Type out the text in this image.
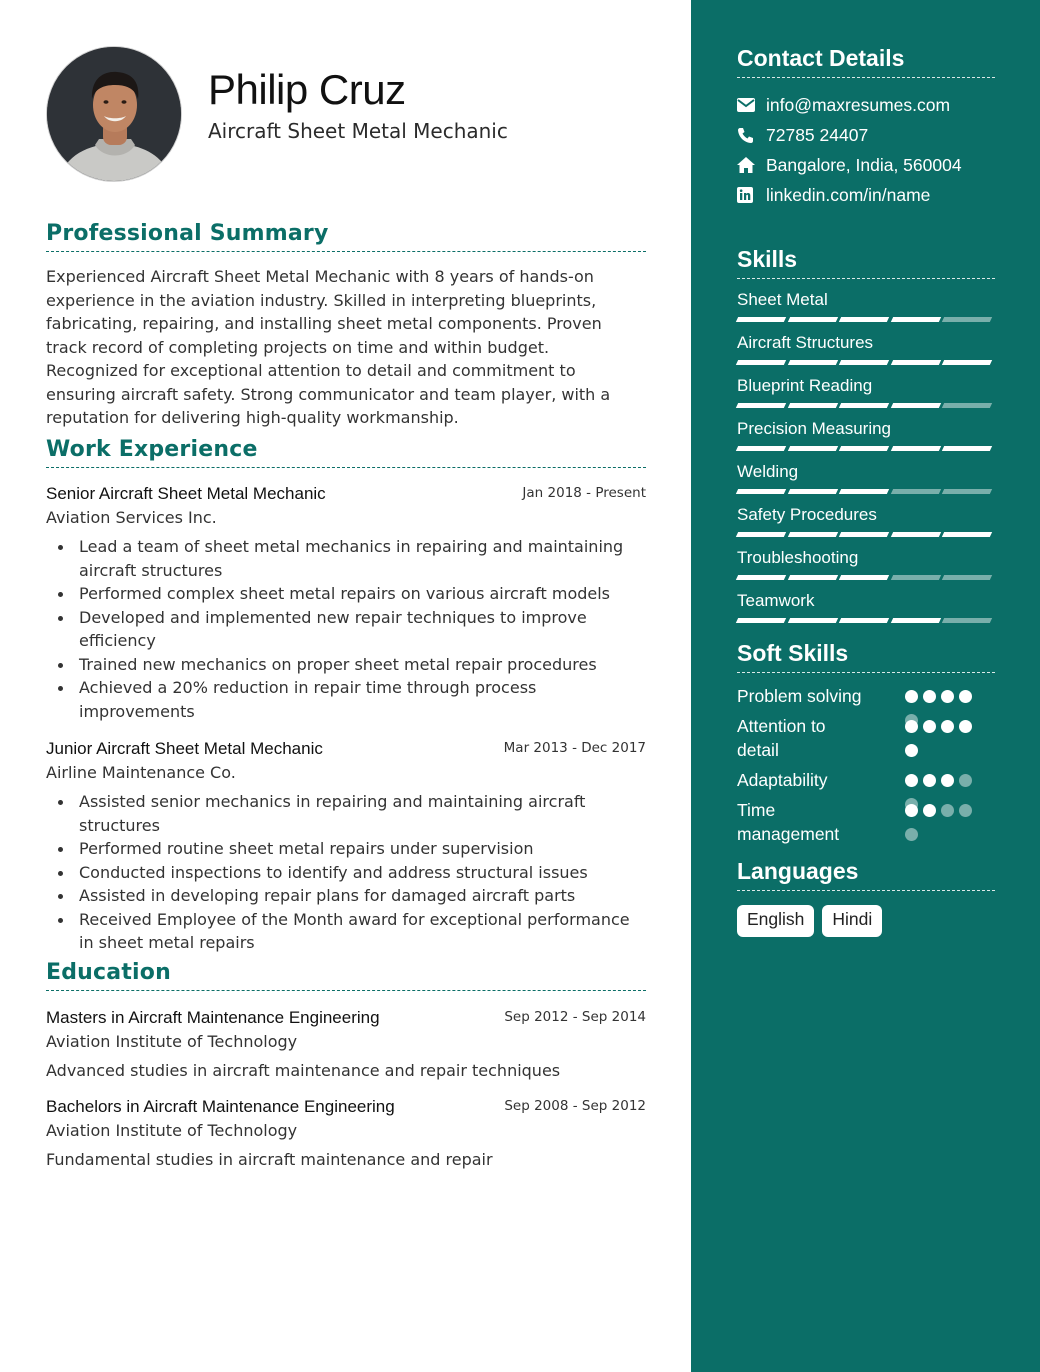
Philip Cruz
Aircraft Sheet Metal Mechanic
Professional Summary
Experienced Aircraft Sheet Metal Mechanic with 8 years of hands-on experience in the aviation industry. Skilled in interpreting blueprints, fabricating, repairing, and installing sheet metal components. Proven track record of completing projects on time and within budget. Recognized for exceptional attention to detail and commitment to ensuring aircraft safety. Strong communicator and team player, with a reputation for delivering high-quality workmanship.
Work Experience
Senior Aircraft Sheet Metal Mechanic	Jan 2018 - Present
Aviation Services Inc.
Lead a team of sheet metal mechanics in repairing and maintaining aircraft structures
Performed complex sheet metal repairs on various aircraft models
Developed and implemented new repair techniques to improve efficiency
Trained new mechanics on proper sheet metal repair procedures
Achieved a 20% reduction in repair time through process improvements
Junior Aircraft Sheet Metal Mechanic	Mar 2013 - Dec 2017
Airline Maintenance Co.
Assisted senior mechanics in repairing and maintaining aircraft structures
Performed routine sheet metal repairs under supervision
Conducted inspections to identify and address structural issues
Assisted in developing repair plans for damaged aircraft parts
Received Employee of the Month award for exceptional performance in sheet metal repairs
Education
Masters in Aircraft Maintenance Engineering	Sep 2012 - Sep 2014
Aviation Institute of Technology
Advanced studies in aircraft maintenance and repair techniques
Bachelors in Aircraft Maintenance Engineering	Sep 2008 - Sep 2012
Aviation Institute of Technology
Fundamental studies in aircraft maintenance and repair
Contact Details
info@maxresumes.com
72785 24407
Bangalore, India, 560004
linkedin.com/in/name
Skills
Sheet Metal
Aircraft Structures
Blueprint Reading
Precision Measuring
Welding
Safety Procedures
Troubleshooting
Teamwork
Soft Skills
Problem solving
Attention to detail
Adaptability
Time management
Languages
English	Hindi
